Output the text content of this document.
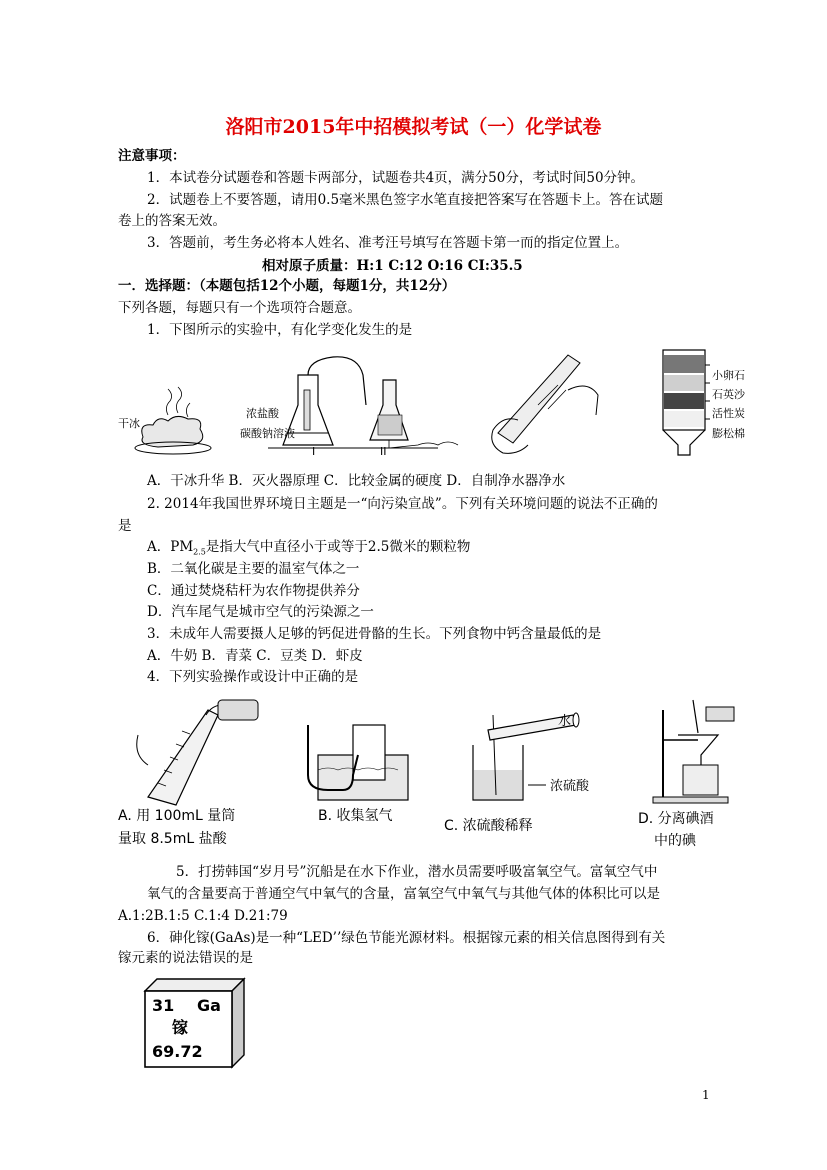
洛阳市2015年中招模拟考试（一）化学试卷
注意事项：
1．本试卷分试题卷和答题卡两部分，试题卷共4页，满分50分，考试时间50分钟。
2．试题卷上不要答题，请用0.5毫米黑色签字水笔直接把答案写在答题卡上。答在试题
卷上的答案无效。
3．答题前，考生务必将本人姓名、准考汪号填写在答题卡第一而的指定位置上。
相对原子质量：H:1 C:12 O:16 CI:35.5
一．选择题：（本题包括12个小题，每题1分，共12分）
下列各题，每题只有一个选项符合题意。
1．下图所示的实验中，有化学变化发生的是
干冰
浓盐酸
碳酸钠溶液
I	II
小卵石
石英沙
活性炭
膨松棉
A．干冰升华 B．灭火器原理 C．比较金属的硬度 D．自制净水器净水
2. 2014年我国世界环境日主题是一“向污染宣战”。下列有关环境问题的说法不正确的
是
A．$PM_{2.5}$是指大气中直径小于或等于2.5微米的颗粒物
B．二氧化碳是主要的温室气体之一
C．通过焚烧秸杆为农作物提供养分
D．汽车尾气是城市空气的污染源之一
3．未成年人需要摄人足够的钙促进骨骼的生长。下列食物中钙含量最低的是
A．牛奶 B．青菜 C．豆类 D．虾皮
4．下列实验操作或设计中正确的是
A. 用 100mL 量筒
量取 8.5mL 盐酸
B. 收集氢气
水
浓硫酸
C. 浓硫酸稀释	D. 分离碘酒
中的碘
5．打捞韩国“岁月号”沉船是在水下作业，潜水员需要呼吸富氧空气。富氧空气中
氧气的含量要高于普通空气中氧气的含量，富氧空气中氧气与其他气体的体积比可以是
A.1:2B.1:5 C.1:4 D.21:79
6．砷化镓(GaAs)是一种“LED’’绿色节能光源材料。根据镓元素的相关信息图得到有关
镓元素的说法错误的是
31 Ga
镓
69.72
1
